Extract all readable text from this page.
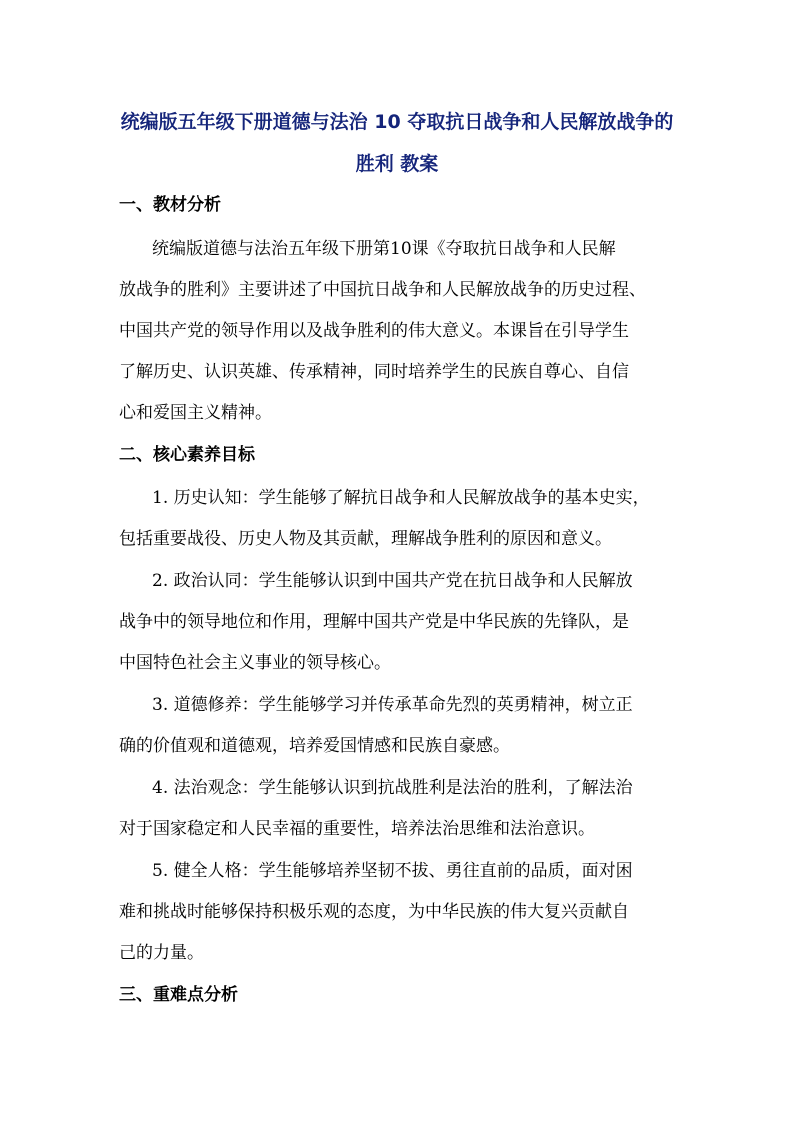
统编版五年级下册道德与法治 10 夺取抗日战争和人民解放战争的
胜利 教案
一、教材分析
统编版道德与法治五年级下册第10课《夺取抗日战争和人民解
放战争的胜利》主要讲述了中国抗日战争和人民解放战争的历史过程、
中国共产党的领导作用以及战争胜利的伟大意义。本课旨在引导学生
了解历史、认识英雄、传承精神，同时培养学生的民族自尊心、自信
心和爱国主义精神。
二、核心素养目标
1. 历史认知：学生能够了解抗日战争和人民解放战争的基本史实，
包括重要战役、历史人物及其贡献，理解战争胜利的原因和意义。
2. 政治认同：学生能够认识到中国共产党在抗日战争和人民解放
战争中的领导地位和作用，理解中国共产党是中华民族的先锋队，是
中国特色社会主义事业的领导核心。
3. 道德修养：学生能够学习并传承革命先烈的英勇精神，树立正
确的价值观和道德观，培养爱国情感和民族自豪感。
4. 法治观念：学生能够认识到抗战胜利是法治的胜利，了解法治
对于国家稳定和人民幸福的重要性，培养法治思维和法治意识。
5. 健全人格：学生能够培养坚韧不拔、勇往直前的品质，面对困
难和挑战时能够保持积极乐观的态度，为中华民族的伟大复兴贡献自
己的力量。
三、重难点分析
